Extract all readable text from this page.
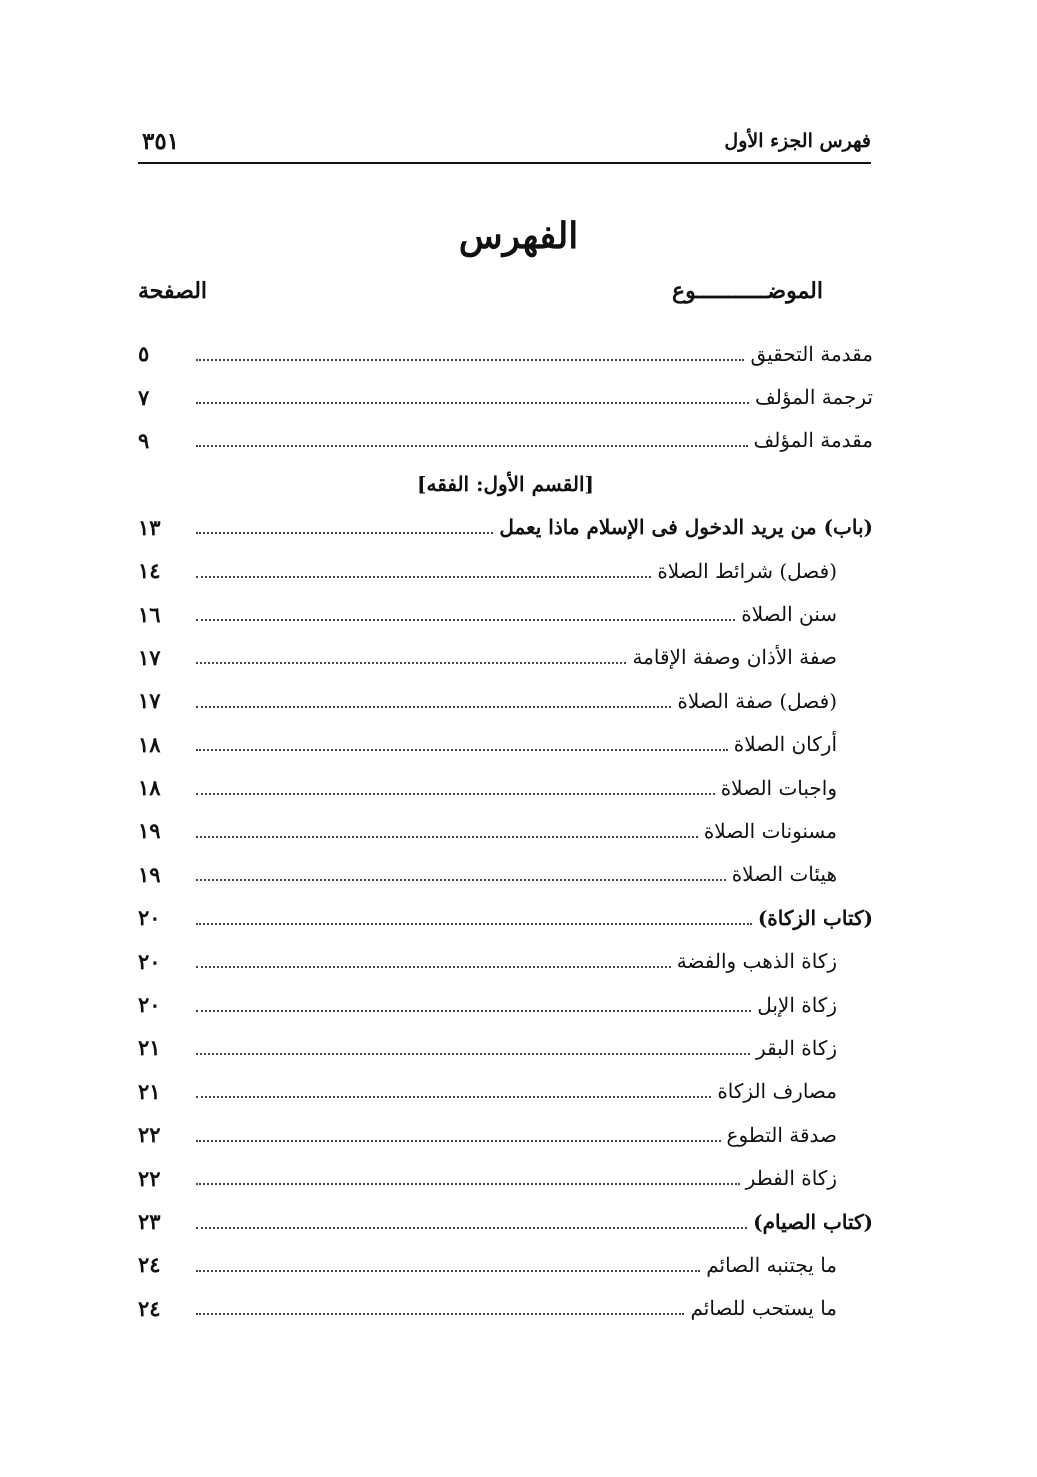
فهرس الجزء الأول
٣٥١
الفهرس
الموضـــــــــــوع
الصفحة
مقدمة التحقيق
٥
ترجمة المؤلف
٧
مقدمة المؤلف
٩
[القسم الأول: الفقه]
(باب) من يريد الدخول فى الإسلام ماذا يعمل
١٣
(فصل) شرائط الصلاة
١٤
سنن الصلاة
١٦
صفة الأذان وصفة الإقامة
١٧
(فصل) صفة الصلاة
١٧
أركان الصلاة
١٨
واجبات الصلاة
١٨
مسنونات الصلاة
١٩
هيئات الصلاة
١٩
(كتاب الزكاة)
٢٠
زكاة الذهب والفضة
٢٠
زكاة الإبل
٢٠
زكاة البقر
٢١
مصارف الزكاة
٢١
صدقة التطوع
٢٢
زكاة الفطر
٢٢
(كتاب الصيام)
٢٣
ما يجتنبه الصائم
٢٤
ما يستحب للصائم
٢٤
